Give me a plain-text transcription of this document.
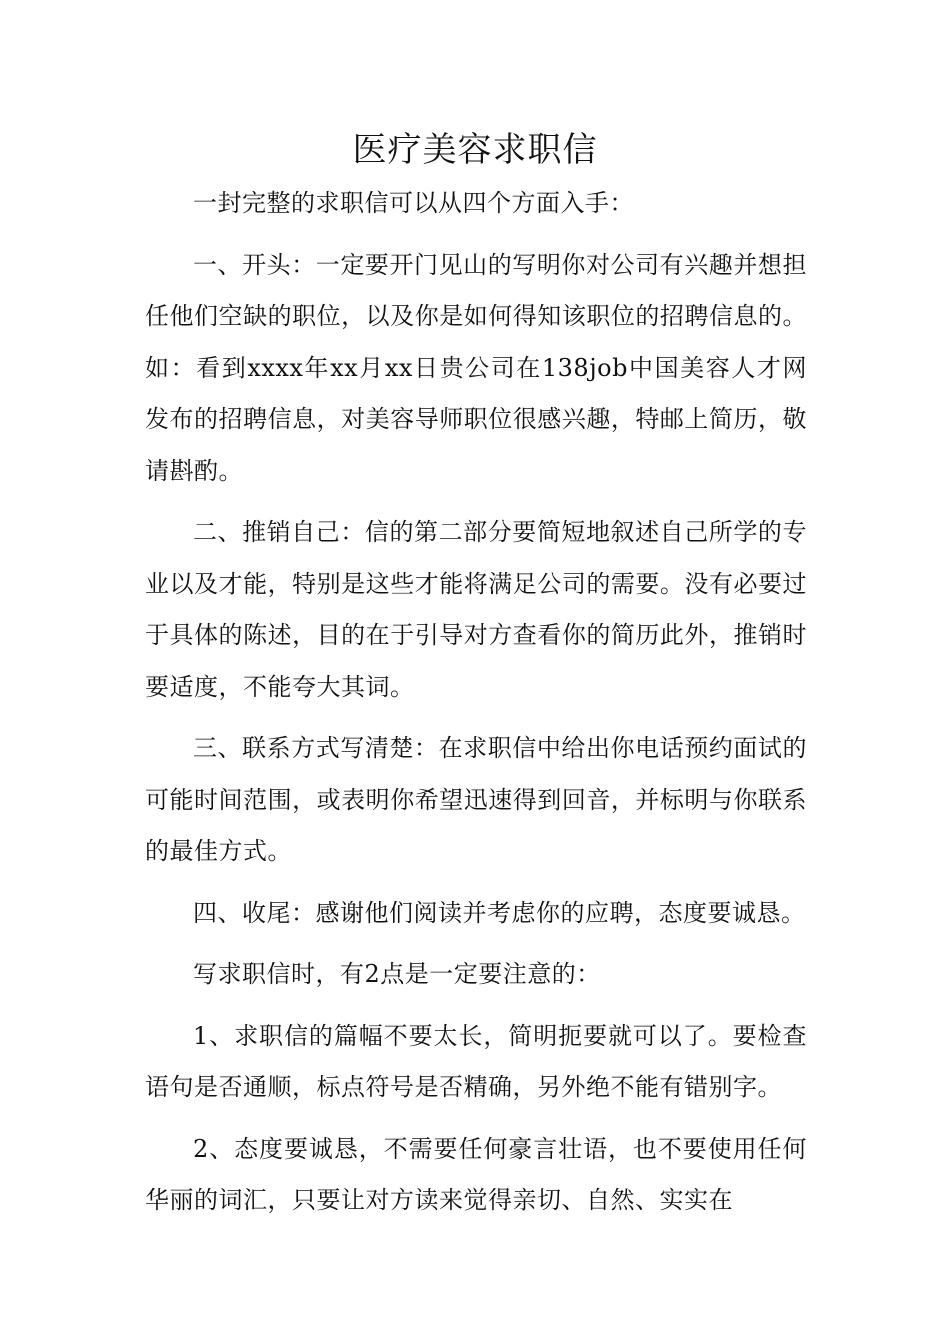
医疗美容求职信

一封完整的求职信可以从四个方面入手：

一、开头：一定要开门见山的写明你对公司有兴趣并想担任他们空缺的职位，以及你是如何得知该职位的招聘信息的。如：看到xxxx年xx月xx日贵公司在138job中国美容人才网发布的招聘信息，对美容导师职位很感兴趣，特邮上简历，敬请斟酌。

二、推销自己：信的第二部分要简短地叙述自己所学的专业以及才能，特别是这些才能将满足公司的需要。没有必要过于具体的陈述，目的在于引导对方查看你的简历此外，推销时要适度，不能夸大其词。

三、联系方式写清楚：在求职信中给出你电话预约面试的可能时间范围，或表明你希望迅速得到回音，并标明与你联系的最佳方式。

四、收尾：感谢他们阅读并考虑你的应聘，态度要诚恳。

写求职信时，有2点是一定要注意的：

1、求职信的篇幅不要太长，简明扼要就可以了。要检查语句是否通顺，标点符号是否精确，另外绝不能有错别字。

2、态度要诚恳，不需要任何豪言壮语，也不要使用任何华丽的词汇，只要让对方读来觉得亲切、自然、实实在
